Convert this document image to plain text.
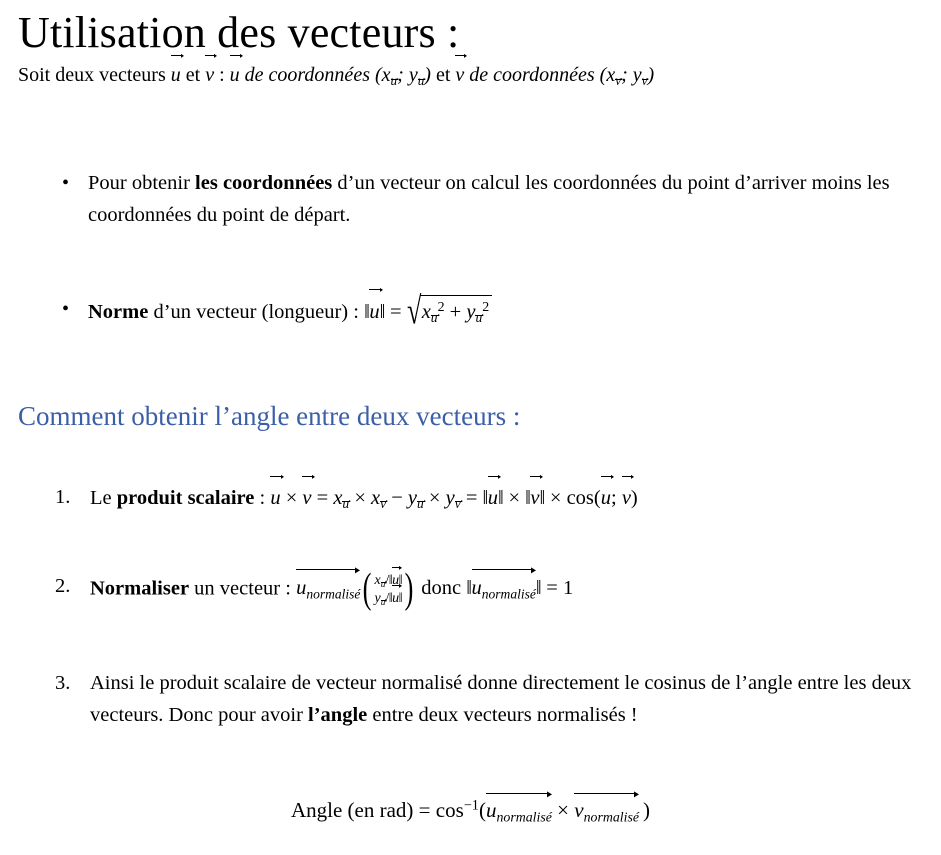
Utilisation des vecteurs :
Soit deux vecteurs u et v : u de coordonnées ($x_u$; $y_u$) et v de coordonnées ($x_v$; $y_v$)
• Pour obtenir les coordonnées d’un vecteur on calcul les coordonnées du point d’arriver moins les coordonnées du point de départ.
• Norme d’un vecteur (longueur) : ‖u‖ = √ $x_u^2 + y_u^2$
Comment obtenir l’angle entre deux vecteurs :
1. Le produit scalaire : $u \times v = x_u \times x_v - y_u \times y_v$ = ‖u‖ × ‖v‖ × cos(u; v)
2. Normaliser un vecteur : $u_{normalisé}$ ( $x_u/‖u‖$
$y_u/‖u‖$ ) donc $‖u_{normalisé}‖ = 1$
3. Ainsi le produit scalaire de vecteur normalisé donne directement le cosinus de l’angle entre les deux vecteurs. Donc pour avoir l’angle entre deux vecteurs normalisés !
Angle (en $rad) = \cos^{-1}(u_{normalisé} \times v_{normalisé}$ )
